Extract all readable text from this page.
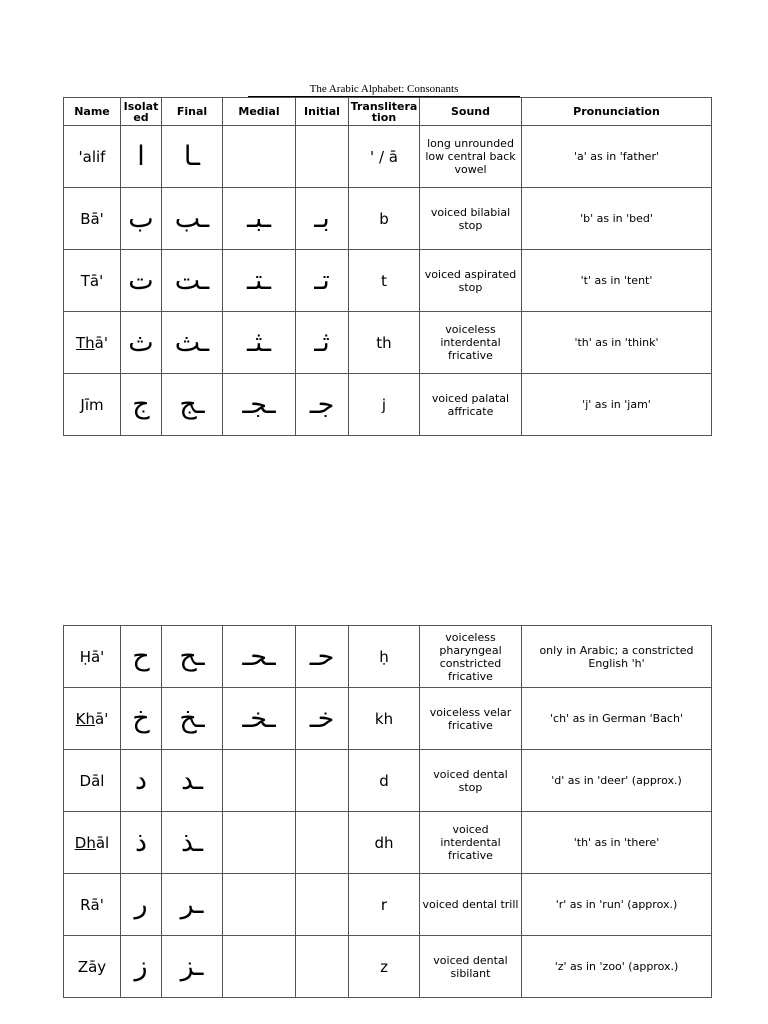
The Arabic Alphabet: Consonants
Name	Isolat ed	Final	Medial	Initial	Translitera tion	Sound	Pronunciation
'alif	ا	ـا			' / ā	long unrounded low central back vowel	'a' as in 'father'
Bā'	ب	ـب	ـبـ	بـ	b	voiced bilabial stop	'b' as in 'bed'
Tā'	ت	ـت	ـتـ	تـ	t	voiced aspirated stop	't' as in 'tent'
Thā'	ث	ـث	ـثـ	ثـ	th	voiceless interdental fricative	'th' as in 'think'
Jīm	ج	ـج	ـجـ	جـ	j	voiced palatal affricate	'j' as in 'jam'
Ḥā'	ح	ـح	ـحـ	حـ	ḥ	voiceless pharyngeal constricted fricative	only in Arabic; a constricted English 'h'
Khā'	خ	ـخ	ـخـ	خـ	kh	voiceless velar fricative	'ch' as in German 'Bach'
Dāl	د	ـد			d	voiced dental stop	'd' as in 'deer' (approx.)
Dhāl	ذ	ـذ			dh	voiced interdental fricative	'th' as in 'there'
Rā'	ر	ـر			r	voiced dental trill	'r' as in 'run' (approx.)
Zāy	ز	ـز			z	voiced dental sibilant	'z' as in 'zoo' (approx.)
